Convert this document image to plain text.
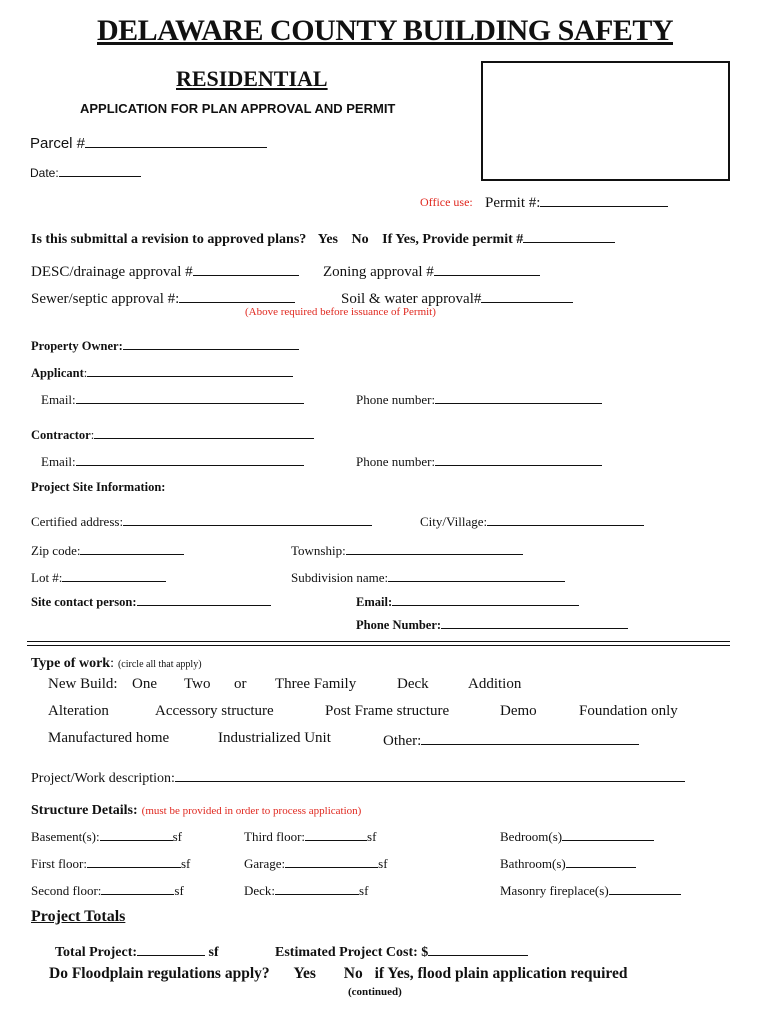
DELAWARE COUNTY BUILDING SAFETY
RESIDENTIAL
APPLICATION FOR PLAN APPROVAL AND PERMIT
Parcel #
Date:
Office use: Permit #:
Is this submittal a revision to approved plans? Yes No If Yes, Provide permit #
DESC/drainage approval #	Zoning approval #
Sewer/septic approval #:	Soil & water approval#
(Above required before issuance of Permit)
Property Owner:
Applicant:
Email:	Phone number:
Contractor:
Email:	Phone number:
Project Site Information:
Certified address:	City/Village:
Zip code:	Township:
Lot #:	Subdivision name:
Site contact person:	Email:
Phone Number:
Type of work: (circle all that apply)
New Build: One Two or Three Family	Deck	Addition
Alteration	Accessory structure	Post Frame structure	Demo	Foundation only
Manufactured home	Industrialized Unit	Other:
Project/Work description:
Structure Details: (must be provided in order to process application)
Basement(s):	sf	Third floor:	sf	Bedroom(s)
First floor:	sf	Garage:	sf	Bathroom(s)
Second floor:	sf	Deck:	sf	Masonry fireplace(s)
Project Totals
Total Project:	sf	Estimated Project Cost: $
Do Floodplain regulations apply? Yes No if Yes, flood plain application required
(continued)
